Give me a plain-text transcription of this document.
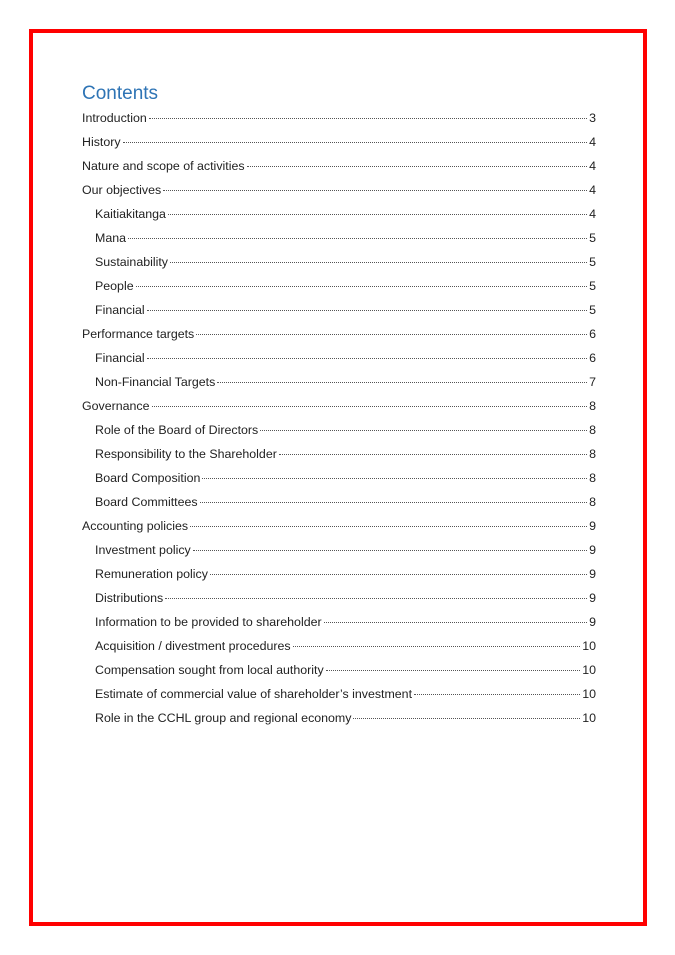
Contents
Introduction	3
History	4
Nature and scope of activities	4
Our objectives	4
Kaitiakitanga	4
Mana	5
Sustainability	5
People	5
Financial	5
Performance targets	6
Financial	6
Non-Financial Targets	7
Governance	8
Role of the Board of Directors	8
Responsibility to the Shareholder	8
Board Composition	8
Board Committees	8
Accounting policies	9
Investment policy	9
Remuneration policy	9
Distributions	9
Information to be provided to shareholder	9
Acquisition / divestment procedures	10
Compensation sought from local authority	10
Estimate of commercial value of shareholder’s investment	10
Role in the CCHL group and regional economy	10
